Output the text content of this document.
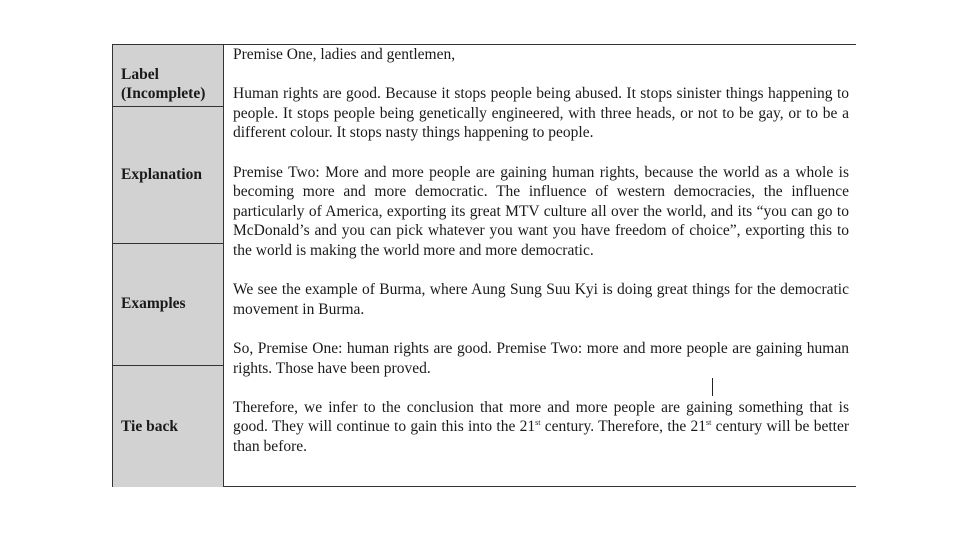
Label
(Incomplete)
Explanation
Examples
Tie back

Premise One, ladies and gentlemen,

Human rights are good. Because it stops people being abused. It stops sinister things happening to people. It stops people being genetically engineered, with three heads, or not to be gay, or to be a different colour. It stops nasty things happening to people.

Premise Two: More and more people are gaining human rights, because the world as a whole is becoming more and more democratic. The influence of western democracies, the influence particularly of America, exporting its great MTV culture all over the world, and its “you can go to McDonald’s and you can pick whatever you want you have freedom of choice”, exporting this to the world is making the world more and more democratic.

We see the example of Burma, where Aung Sung Suu Kyi is doing great things for the democratic movement in Burma.

So, Premise One: human rights are good. Premise Two: more and more people are gaining human rights. Those have been proved.

Therefore, we infer to the conclusion that more and more people are gaining something that is good. They will continue to gain this into the 21st century. Therefore, the 21st century will be better than before.
